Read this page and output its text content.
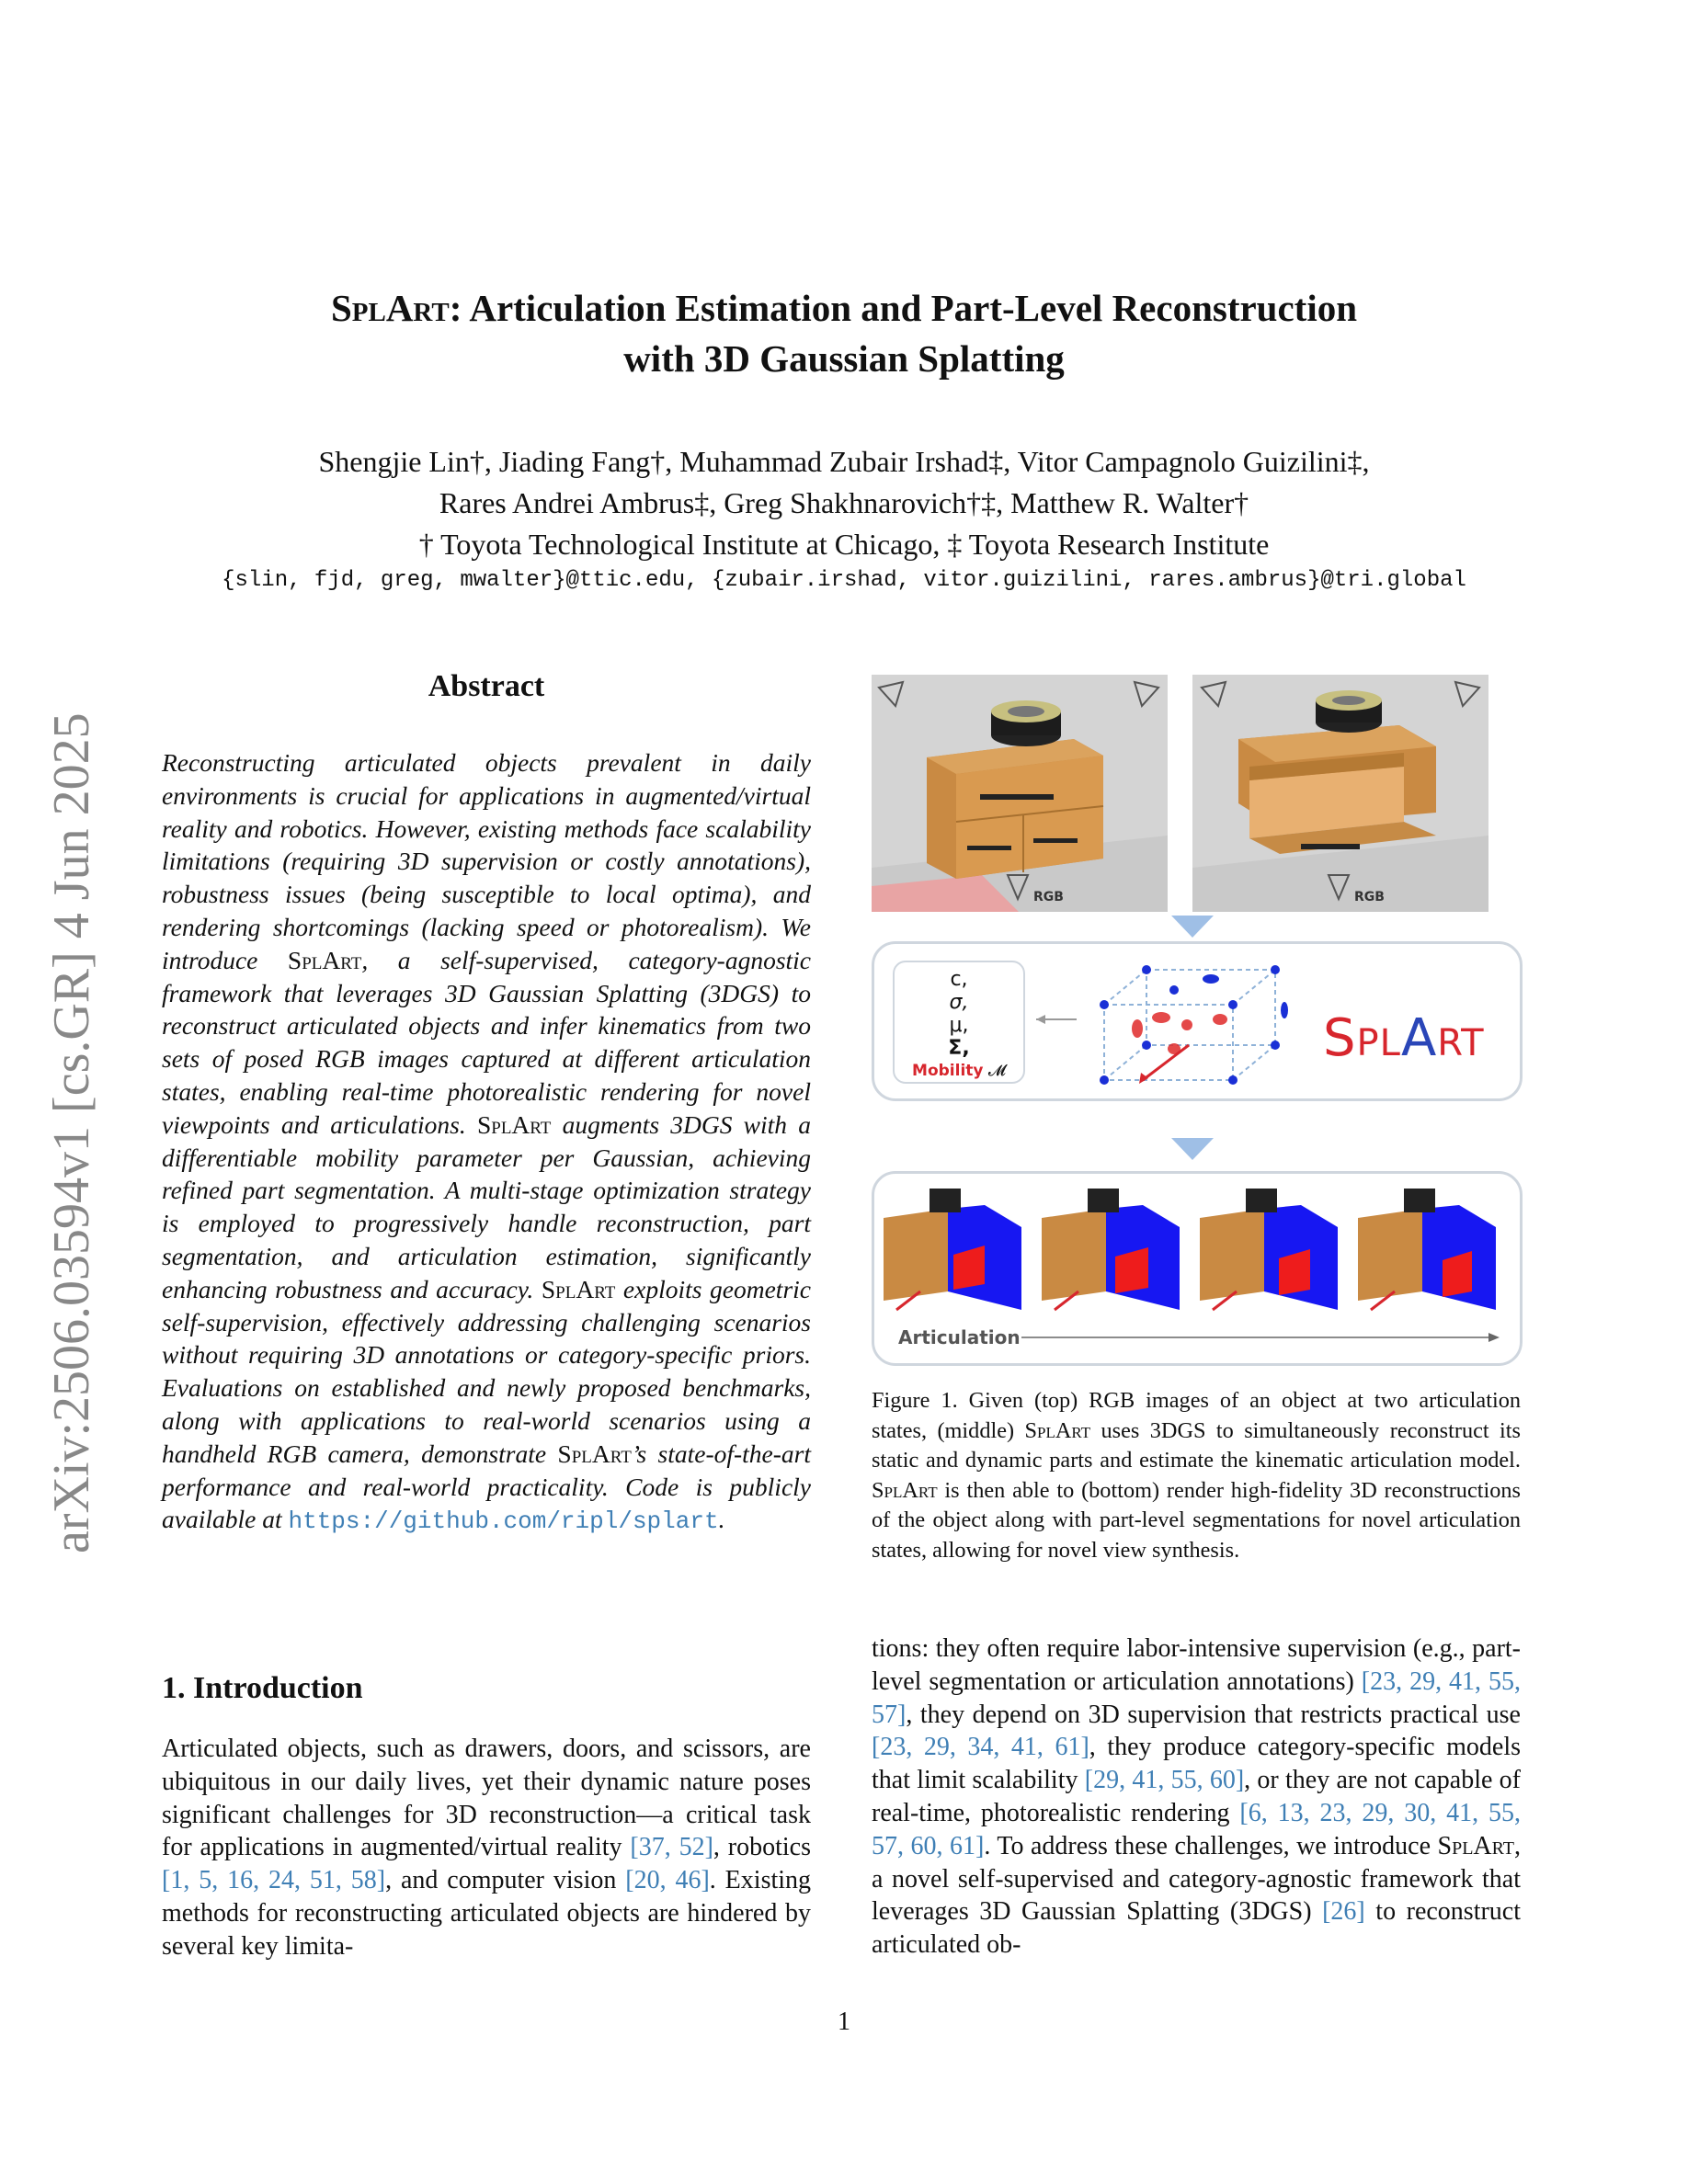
arXiv:2506.03594v1 [cs.GR] 4 Jun 2025
SplArt: Articulation Estimation and Part-Level Reconstruction
with 3D Gaussian Splatting
Shengjie Lin†, Jiading Fang†, Muhammad Zubair Irshad‡, Vitor Campagnolo Guizilini‡,
Rares Andrei Ambrus‡, Greg Shakhnarovich†‡, Matthew R. Walter†
† Toyota Technological Institute at Chicago, ‡ Toyota Research Institute
{slin, fjd, greg, mwalter}@ttic.edu, {zubair.irshad, vitor.guizilini, rares.ambrus}@tri.global
Abstract
Reconstructing articulated objects prevalent in daily environments is crucial for applications in augmented/virtual reality and robotics. However, existing methods face scalability limitations (requiring 3D supervision or costly annotations), robustness issues (being susceptible to local optima), and rendering shortcomings (lacking speed or photorealism). We introduce SplArt, a self-supervised, category-agnostic framework that leverages 3D Gaussian Splatting (3DGS) to reconstruct articulated objects and infer kinematics from two sets of posed RGB images captured at different articulation states, enabling real-time photorealistic rendering for novel viewpoints and articulations. SplArt augments 3DGS with a differentiable mobility parameter per Gaussian, achieving refined part segmentation. A multi-stage optimization strategy is employed to progressively handle reconstruction, part segmentation, and articulation estimation, significantly enhancing robustness and accuracy. SplArt exploits geometric self-supervision, effectively addressing challenging scenarios without requiring 3D annotations or category-specific priors. Evaluations on established and newly proposed benchmarks, along with applications to real-world scenarios using a handheld RGB camera, demonstrate SplArt’s state-of-the-art performance and real-world practicality. Code is publicly available at https://github.com/ripl/splart.
RGB	RGB
c,
σ,
μ,
Σ,
Mobility 𝓜
SPLART
Articulation
Figure 1. Given (top) RGB images of an object at two articulation states, (middle) SplArt uses 3DGS to simultaneously reconstruct its static and dynamic parts and estimate the kinematic articulation model. SplArt is then able to (bottom) render high-fidelity 3D reconstructions of the object along with part-level segmentations for novel articulation states, allowing for novel view synthesis.
1. Introduction
Articulated objects, such as drawers, doors, and scissors, are ubiquitous in our daily lives, yet their dynamic nature poses significant challenges for 3D reconstruction—a critical task for applications in augmented/virtual reality [37, 52], robotics [1, 5, 16, 24, 51, 58], and computer vision [20, 46]. Existing methods for reconstructing articulated objects are hindered by several key limita-
tions: they often require labor-intensive supervision (e.g., part-level segmentation or articulation annotations) [23, 29, 41, 55, 57], they depend on 3D supervision that restricts practical use [23, 29, 34, 41, 61], they produce category-specific models that limit scalability [29, 41, 55, 60], or they are not capable of real-time, photorealistic rendering [6, 13, 23, 29, 30, 41, 55, 57, 60, 61]. To address these challenges, we introduce SplArt, a novel self-supervised and category-agnostic framework that leverages 3D Gaussian Splatting (3DGS) [26] to reconstruct articulated ob-
1
